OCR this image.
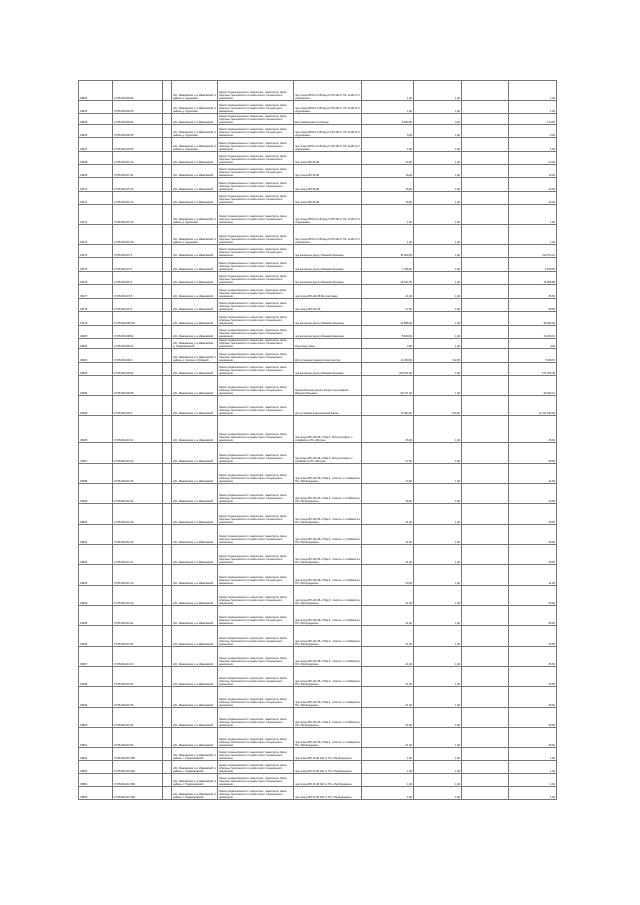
33463	37:05:001002:52		обл. Ивановская, р-н Ивановский, в районе д. Курьяново	Земли промышленности, энергетики, транспорта, связи, обороны, безопасности и земли иного специального назначения	под опоры ВЛИ 0,4 кВ фид.2 КТП-96 от ПС 10 кВ № 5 «Курьяново»	1,00	1,00		1,00
33464	37:05:001002:53		обл. Ивановская, р-н Ивановский, в районе д. Курьяново	Земли промышленности, энергетики, транспорта, связи, обороны, безопасности и земли иного специального назначения	под опоры ВЛИ 0,4 кВ фид.2 КТП-96 от ПС 10 кВ № 5 «Курьяново»	1,00	1,00		1,00
33465	37:05:001002:54		обл. Ивановская, р-н Ивановский	Земли промышленности, энергетики, транспорта, связи, обороны, безопасности и земли иного специального назначения	Для размещения гостиницы	6 000,00	0,03		172,50
33466	37:05:001002:55		обл. Ивановская, р-н Ивановский, в районе д. Курьяново	Земли промышленности, энергетики, транспорта, связи, обороны, безопасности и земли иного специального назначения	под опоры ВЛИ 0,4 кВ фид.1 КТП-96 от ПС 10 кВ № 5 «Курьяново»	5,00	1,00		5,00
33467	37:05:001002:56		обл. Ивановская, р-н Ивановский, в районе д. Курьяново	Земли промышленности, энергетики, транспорта, связи, обороны, безопасности и земли иного специального назначения	под опоры ВЛИ 0,4 кВ фид.1 КТП-96 от ПС 10 кВ № 5 «Курьяново»	1,00	1,00		1,00
33468	37:05:001007:14		обл. Ивановская, р-н Ивановский	Земли промышленности, энергетики, транспорта, связи, обороны, безопасности и земли иного специального назначения	под опоры ВЛ-35 кВ	24,00	1,00		24,00
33469	37:05:001007:11		обл. Ивановская, р-н Ивановский	Земли промышленности, энергетики, транспорта, связи, обороны, безопасности и земли иного специального назначения	под опоры ВЛ-35 кВ	16,00	1,00		16,00
33470	37:05:001007:10		обл. Ивановская, р-н Ивановский	Земли промышленности, энергетики, транспорта, связи, обороны, безопасности и земли иного специального назначения	под опоры ВЛ-35 кВ	16,00	1,00		16,00
33471	37:05:001007:12		обл. Ивановская, р-н Ивановский	Земли промышленности, энергетики, транспорта, связи, обороны, безопасности и земли иного специального назначения	под опоры ВЛ-35 кВ	16,00	1,00		16,00
33472	37:05:001007:16		обл. Ивановская, р-н Ивановский, в районе д. Курьяново	Земли промышленности, энергетики, транспорта, связи, обороны, безопасности и земли иного специального назначения	под опоры ВЛИ 0,4 кВ фид.3 КТП-96 от ПС 10 кВ № 5 «Курьяново»	1,00	1,00		1,00
33473	37:05:001007:18		обл. Ивановская, р-н Ивановский, в районе д. Курьяново	Земли промышленности, энергетики, транспорта, связи, обороны, безопасности и земли иного специального назначения	под опоры ВЛИ 0,4 кВ фид.3 КТП-96 от ПС 10 кВ № 5 «Курьяново»	1,00	1,00		1,00
33474	37:05:001007:3		обл. Ивановская, р-н Ивановский	Земли промышленности, энергетики, транспорта, связи, обороны, безопасности и земли иного специального назначения	под железную дорогу Иваново-Юрьевец	34 909,00	1,00		112 874,14
33475	37:05:001007:5		обл. Ивановская, р-н Ивановский	Земли промышленности, энергетики, транспорта, связи, обороны, безопасности и земли иного специального назначения	под железную дорогу Иваново-Юрьевец	7 468,00	1,00		3 549,84
33476	37:05:001007:4		обл. Ивановская, р-н Ивановский	Земли промышленности, энергетики, транспорта, связи, обороны, безопасности и земли иного специального назначения	под железную дорогу Иваново-Юрьевец	46 647,00	1,00		75 386,80
33477	37:05:001007:8		обл. Ивановская, р-н Ивановский	Земли промышленности, энергетики, транспорta, связи, обороны, безопасности и земли иного специального назначения	под опоры ВЛ-110 кВ Вичуга-Север	21,00	1,00		35,50
33478	37:05:001007:9		обл. Ивановская, р-н Ивановский	Земли промышленности, энергетики, транспорта, связи, обороны, безопасности и земли иного специального назначения	под опоры ВЛ-110 кВ	17,00	1,00		28,50
33479	37:05:001008:103		обл. Ивановская, р-н Ивановский	Земли промышленности, энергетики, транспорта, связи, обороны, безопасности и земли иного специального назначения	под железную дорогу Иваново-Кинешма	24 588,00	1,00		36 902,00
33480	37:05:001008:94		обл. Ивановская, р-н Ивановский	Земли промышленности, энергетики, транспорта, связи, обороны, безопасности и земли иного специального назначения	под железную дорогу Иваново-Кинешма	8 819,00	1,00		10 184,16
33481	37:05:001009:14		обл. Ивановская, р-н Ивановский, д. Подвязновский	Земли промышленности, энергетики, транспорта, связи, обороны, безопасности и земли иного специального назначения	Под опору связи	3,00	1,00		3,00
33482	37:05:001009:2		обл. Ивановская, р-н Ивановский, в районе д. Жилино и Лебяжий	Земли промышленности, энергетики, транспорта, связи, обороны, безопасности и земли иного специального назначения	Для установки передаточного центра	11 253,00	712,25		7 928,67
33483	37:05:001009:34		обл. Ивановская, р-н Ивановский	Земли промышленности, энергетики, транспорта, связи, обороны, безопасности и земли иного специального назначения	под железную дорогу Иваново-Юрьевец	225 811,00	1,00		271 265,40
33484	37:05:001009:35		обл. Ивановская, р-н Ивановский	Земли промышленности, энергетики, транспорта, связи, обороны, безопасности и земли иного специального назначения	Автомобильная дорога общего пользования Иваново-Юрьевец	52 371,00	1,00		39 942,12
33485	37:05:001009:3		обл. Ивановская, р-н Ивановский	Земли промышленности, энергетики, транспорта, связи, обороны, безопасности и земли иного специального назначения	для установки водонапорной башни	72 000,00	160,00		11 441 830,00
33486	37:05:001010:14		обл. Ивановская, р-н Ивановский	Земли промышленности, энергетики, транспорта, связи, обороны, безопасности и земли иного специального назначения	под опоры ВЛ-110 кВ «ТЭЦ-3 - Вичуга-Север» с отпайкой на ПС «Вичуга»	45,00	1,00		45,00
33487	37:05:001010:13		обл. Ивановская, р-н Ивановский	Земли промышленности, энергетики, транспорта, связи, обороны, безопасности и земли иного специального назначения	под опоры ВЛ-110 кВ «ТЭЦ-3 - Вичуга-Север» с отпайкой на ПС «Вичуга»	17,00	1,00		28,50
33488	37:05:001010:15		обл. Ивановская, р-н Ивановский	Земли промышленности, энергетики, транспорта, связи, обороны, безопасности и земли иного специального назначения	под опоры ВЛ-110 кВ «ТЭЦ-3 - Светоч» с отпайкой на ПС «Пробуждение»	24,00	1,00		11,69
33489	37:05:001010:16		обл. Ивановская, р-н Ивановский	Земли промышленности, энергетики, транспорта, связи, обороны, безопасности и земли иного специального назначения	под опоры ВЛ-110 кВ «ТЭЦ-3 - Светоч» с отпайкой на ПС «Пробуждение»	48,00	1,00		10,95
33490	37:05:001010:18		обл. Ивановская, р-н Ивановский	Земли промышленности, энергетики, транспорта, связи, обороны, безопасности и земли иного специального назначения	под опоры ВЛ-110 кВ «ТЭЦ-3 - Светоч» с отпайкой на ПС «Пробуждение»	21,00	1,00		35,50
33491	37:05:001010:12		обл. Ивановская, р-н Ивановский	Земли промышленности, энергетики, транспорта, связи, обороны, безопасности и земли иного специального назначения	под опоры ВЛ-110 кВ «ТЭЦ-3 - Светоч» с отпайкой на ПС «Пробуждение»	21,00	1,00		35,50
33492	37:05:001010:17		обл. Ивановская, р-н Ивановский	Земли промышленности, энергетики, транспорта, связи, обороны, безопасности и земли иного специального назначения	под опоры ВЛ-110 кВ «ТЭЦ-3 - Светоч» с отпайкой на ПС «Пробуждение»	21,00	1,00		35,50
33493	37:05:001010:19		обл. Ивановская, р-н Ивановский	Земли промышленности, энергетики, транспорта, связи, обороны, безопасности и земли иного специального назначения	под опоры ВЛ-110 кВ «ТЭЦ-3 - Светоч» с отпайкой на ПС «Пробуждение»	24,00	1,00		11,69
33494	37:05:001010:20		обл. Ивановская, р-н Ивановский	Земли промышленности, энергетики, транспорта, связи, обороны, безопасности и земли иного специального назначения	под опоры ВЛ-110 кВ «ТЭЦ-3 - Светоч» с отпайкой на ПС «Пробуждение»	21,00	1,00		35,50
33495	37:05:001010:21		обл. Ивановская, р-н Ивановский	Земли промышленности, энергетики, транспорта, связи, обороны, безопасности и земли иного специального назначения	под опоры ВЛ-110 кВ «ТЭЦ-3 - Светоч» с отпайкой на ПС «Пробуждение»	21,00	1,00		35,50
33496	37:05:001010:22		обл. Ивановская, р-н Ивановский	Земли промышленности, энергетики, транспорта, связи, обороны, безопасности и земли иного специального назначения	под опоры ВЛ-110 кВ «ТЭЦ-3 - Светоч» с отпайкой на ПС «Пробуждение»	21,00	1,00		35,50
33497	37:05:001010:23		обл. Ивановская, р-н Ивановский	Земли промышленности, энергетики, транспорта, связи, обороны, безопасности и земли иного специального назначения	под опоры ВЛ-110 кВ «ТЭЦ-3 - Светоч» с отпайкой на ПС «Пробуждение»	21,00	1,00		35,50
33498	37:05:001010:24		обл. Ивановская, р-н Ивановский	Земли промышленности, энергетики, транспорта, связи, обороны, безопасности и земли иного специального назначения	под опоры ВЛ-110 кВ «ТЭЦ-3 - Светоч» с отпайкой на ПС «Пробуждение»	21,00	1,00		35,50
33499	37:05:001010:25		обл. Ивановская, р-н Ивановский	Земли промышленности, энергетики, транспорта, связи, обороны, безопасности и земли иного специального назначения	под опоры ВЛ-110 кВ «ТЭЦ-3 - Светоч» с отпайкой на ПС «Пробуждение»	21,00	1,00		35,50
33500	37:05:001010:26		обл. Ивановская, р-н Ивановский	Земли промышленности, энергетики, транспорта, связи, обороны, безопасности и земли иного специального назначения	под опоры ВЛ-110 кВ «ТЭЦ-3 - Светоч» с отпайкой на ПС «Пробуждение»	21,00	1,00		35,50
33501	37:05:001010:09		обл. Ивановская, р-н Ивановский	Земли промышленности, энергетики, транспорта, связи, обороны, безопасности и земли иного специального назначения	под опоры ВЛ-110 кВ «ТЭЦ-3 - Светоч» с отпайкой на ПС «Пробуждение»	21,00	1,00		35,50
33502	37:05:001010:280		обл. Ивановская, р-н Ивановский, в районе с. Подвязновский	Земли промышленности, энергетики, транспорта, связи, обороны, безопасности и земли иного специального назначения	под опоры ВЛ-10 кВ 100 от ПС «Пробуждение»	1,00	1,00		1,00
33503	37:05:001010:281		обл. Ивановская, р-н Ивановский, в районе с. Подвязновский	Земли промышленности, энергетики, транспорта, связи, обороны, безопасности и земли иного специального назначения	под опоры ВЛ-10 кВ 100 от ПС «Пробуждение»	1,00	1,00		1,00
33504	37:05:001010:282		обл. Ивановская, р-н Ивановский, в районе с. Подвязновский	Земли промышленности, энергетики, транспорта, связи, обороны, безопасности и земли иного специального назначения	под опоры ВЛ-10 кВ 100 от ПС «Пробуждение»	1,00	1,00		1,00
33505	37:05:001010:283		обл. Ивановская, р-н Ивановский, в районе с. Подвязновский	Земли промышленности, энергетики, транспорта, связи, обороны, безопасности и земли иного специального назначения	под опоры ВЛ-10 кВ 100 от ПС «Пробуждение»	1,00	1,00		1,00
